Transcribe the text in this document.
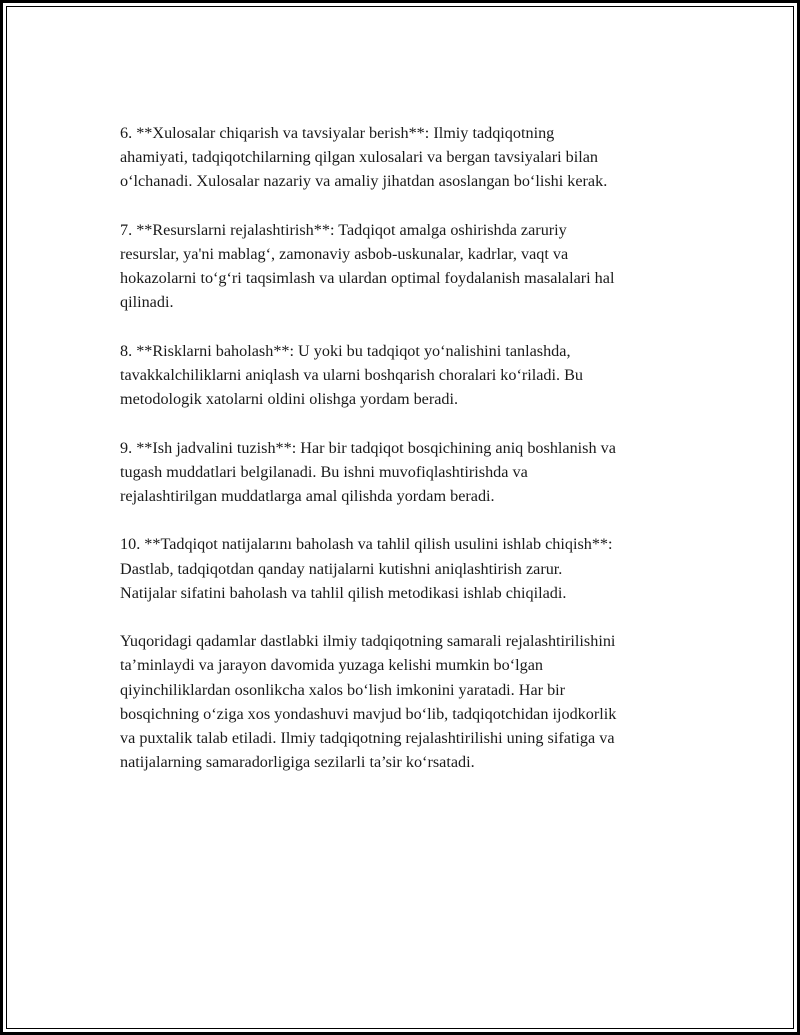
6. **Xulosalar chiqarish va tavsiyalar berish**: Ilmiy tadqiqotning
ahamiyati, tadqiqotchilarning qilgan xulosalari va bergan tavsiyalari bilan
o‘lchanadi. Xulosalar nazariy va amaliy jihatdan asoslangan bo‘lishi kerak.

7. **Resurslarni rejalashtirish**: Tadqiqot amalga oshirishda zaruriy
resurslar, ya'ni mablag‘, zamonaviy asbob-uskunalar, kadrlar, vaqt va
hokazolarni to‘g‘ri taqsimlash va ulardan optimal foydalanish masalalari hal
qilinadi.

8. **Risklarni baholash**: U yoki bu tadqiqot yo‘nalishini tanlashda,
tavakkalchiliklarni aniqlash va ularni boshqarish choralari ko‘riladi. Bu
metodologik xatolarni oldini olishga yordam beradi.

9. **Ish jadvalini tuzish**: Har bir tadqiqot bosqichining aniq boshlanish va
tugash muddatlari belgilanadi. Bu ishni muvofiqlashtirishda va
rejalashtirilgan muddatlarga amal qilishda yordam beradi.

10. **Tadqiqot natijalarını baholash va tahlil qilish usulini ishlab chiqish**:
Dastlab, tadqiqotdan qanday natijalarni kutishni aniqlashtirish zarur.
Natijalar sifatini baholash va tahlil qilish metodikasi ishlab chiqiladi.

Yuqoridagi qadamlar dastlabki ilmiy tadqiqotning samarali rejalashtirilishini
ta’minlaydi va jarayon davomida yuzaga kelishi mumkin bo‘lgan
qiyinchiliklardan osonlikcha xalos bo‘lish imkonini yaratadi. Har bir
bosqichning o‘ziga xos yondashuvi mavjud bo‘lib, tadqiqotchidan ijodkorlik
va puxtalik talab etiladi. Ilmiy tadqiqotning rejalashtirilishi uning sifatiga va
natijalarning samaradorligiga sezilarli ta’sir ko‘rsatadi.
